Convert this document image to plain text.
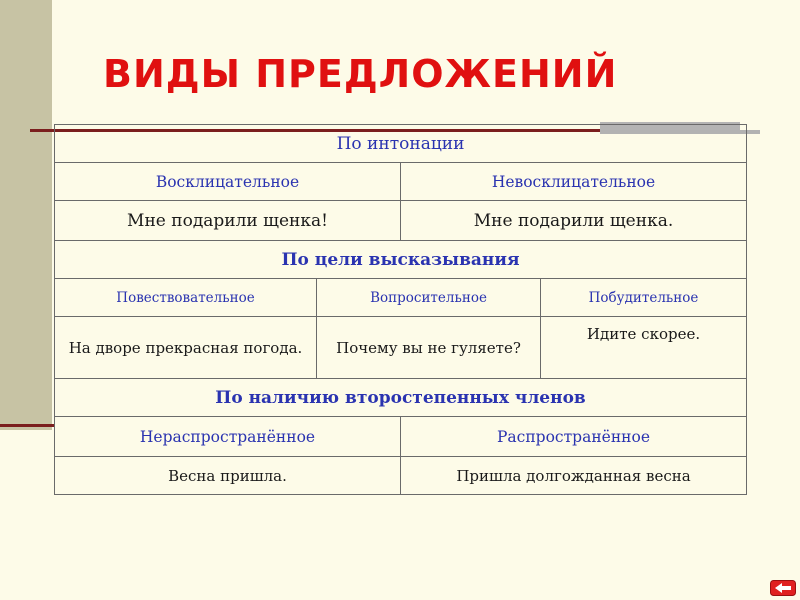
ВИДЫ ПРЕДЛОЖЕНИЙ
По интонации			
Восклицательное		Невосклицательное	
Мне подарили щенка!		Мне подарили щенка.	
По цели высказывания			
Повествовательное	Вопросительное		Побудительное
На дворе прекрасная погода.	Почему вы не гуляете?		Идите скорее.
По наличию второстепенных членов			
Нераспространённое		Распространённое	
Весна пришла.		Пришла долгожданная весна	
